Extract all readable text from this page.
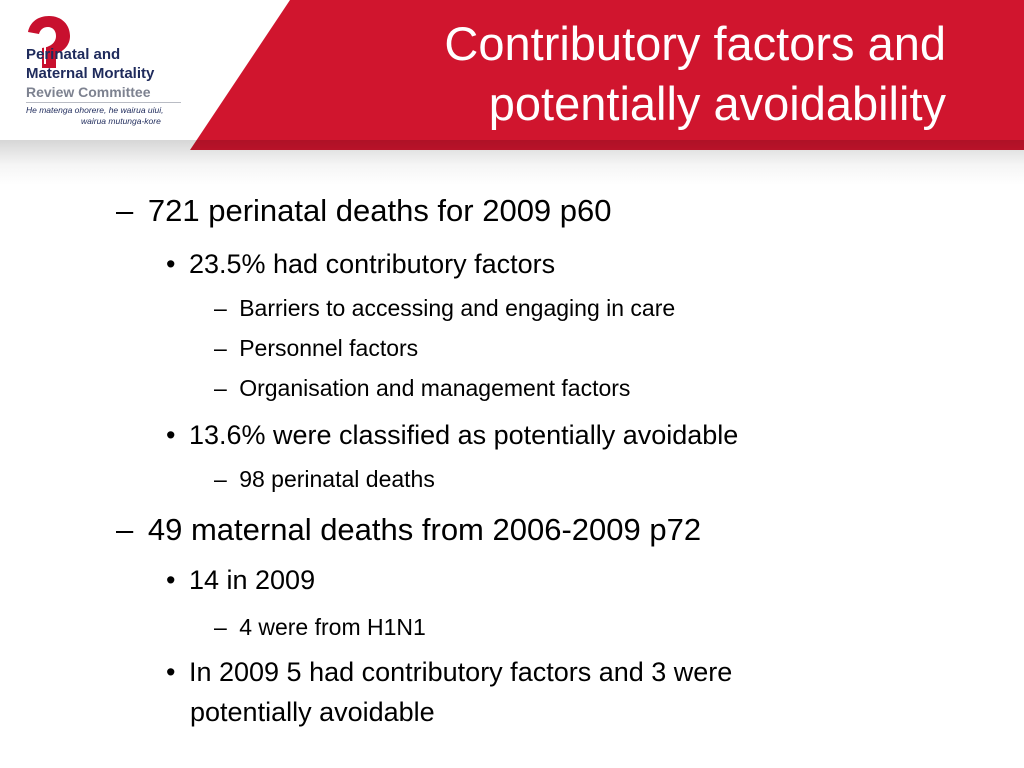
Perinatal and
Maternal Mortality
Review Committee
He matenga ohorere, he wairua uiui,
wairua mutunga-kore
Contributory factors and
potentially avoidability
– 721 perinatal deaths for 2009 p60
• 23.5% had contributory factors
– Barriers to accessing and engaging in care
– Personnel factors
– Organisation and management factors
• 13.6% were classified as potentially avoidable
– 98 perinatal deaths
– 49 maternal deaths from 2006-2009 p72
• 14 in 2009
– 4 were from H1N1
• In 2009 5 had contributory factors and 3 were
potentially avoidable
